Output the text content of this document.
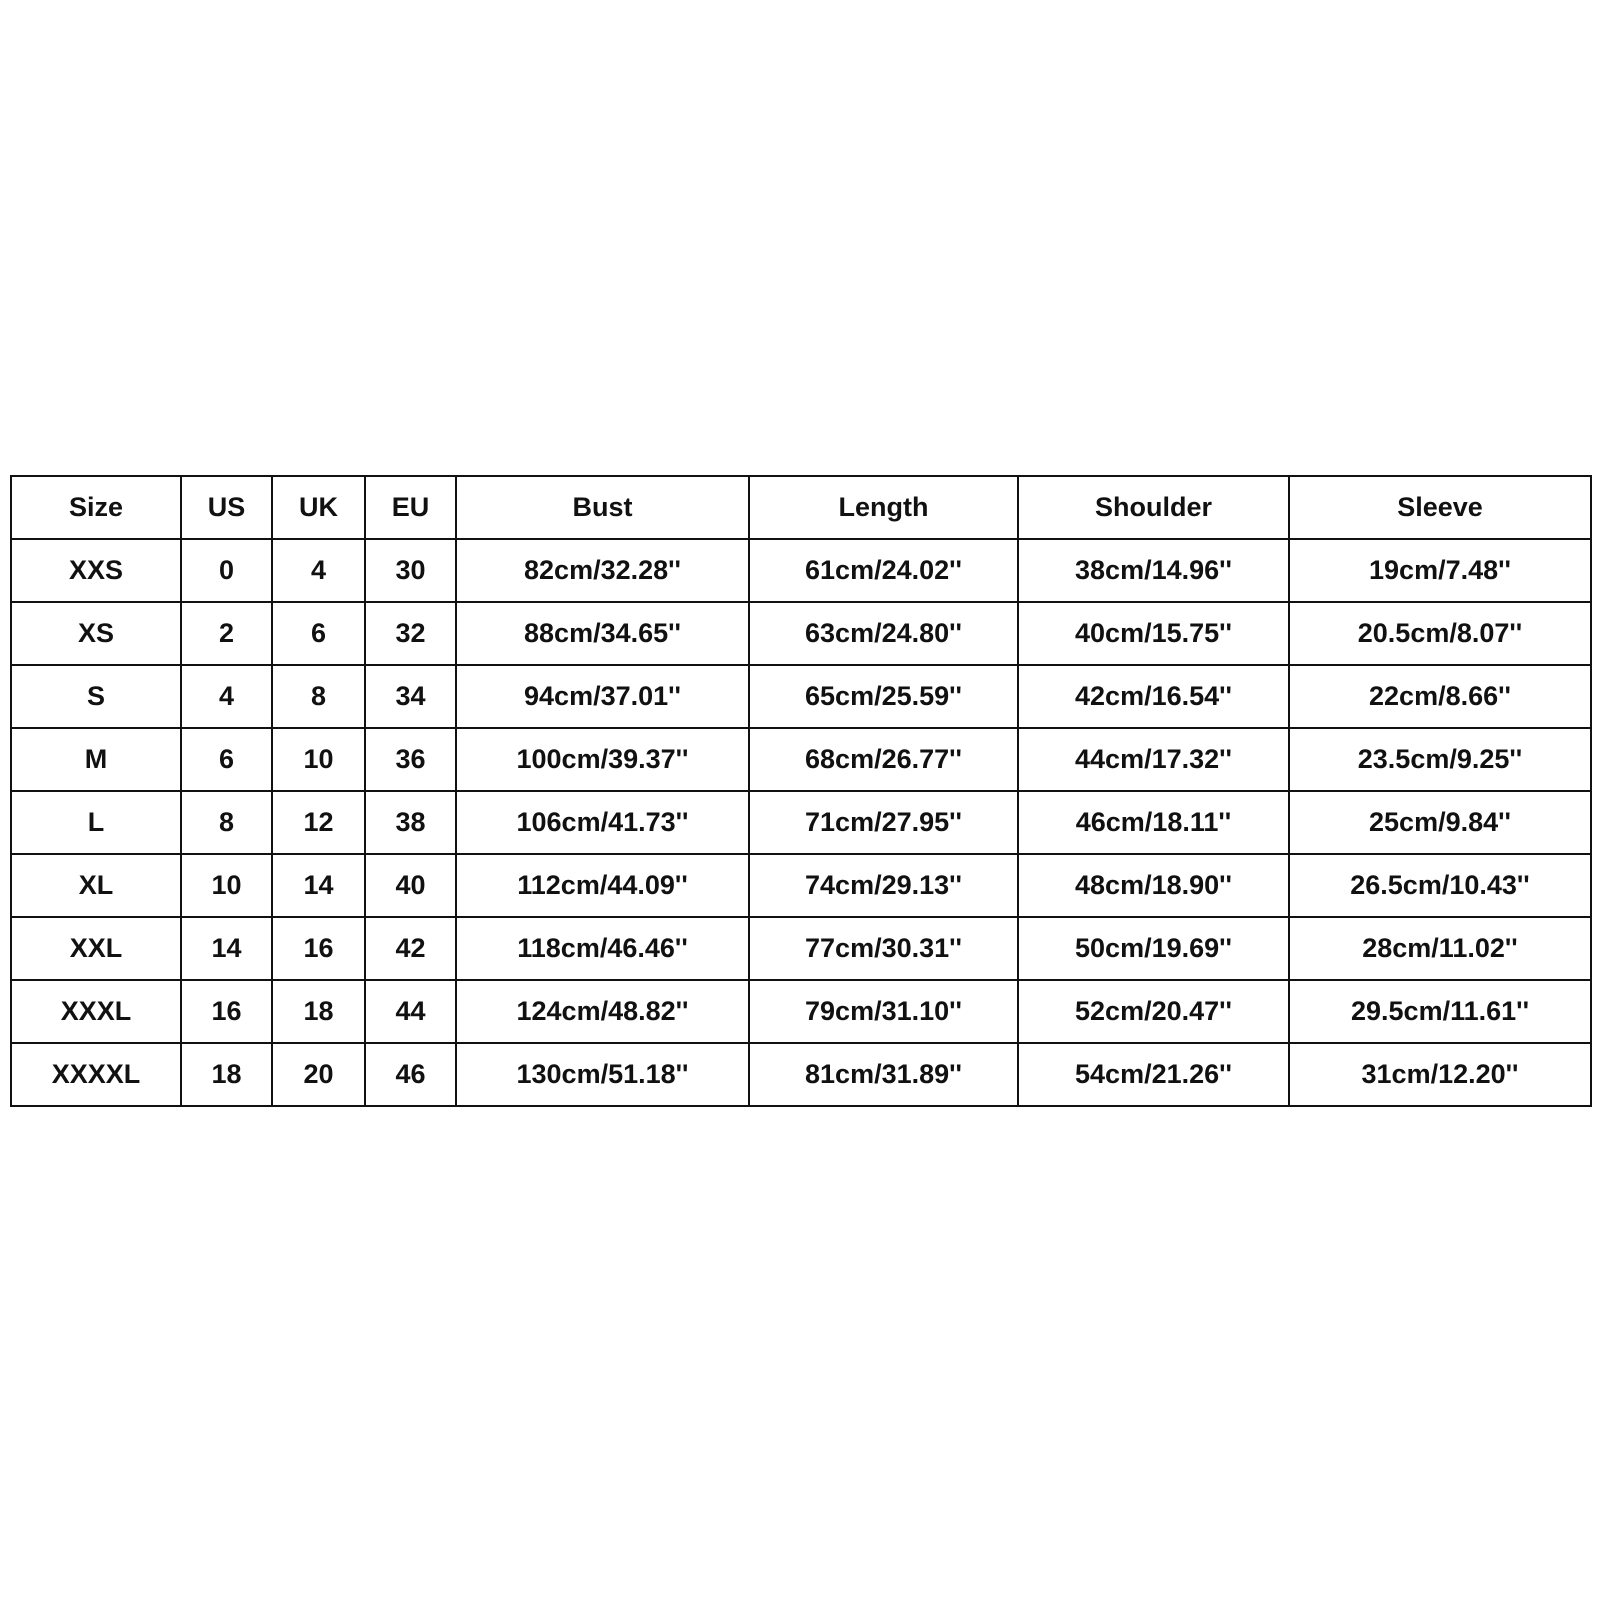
Size	US	UK	EU	Bust	Length	Shoulder	Sleeve
XXS	0	4	30	82cm/32.28''	61cm/24.02''	38cm/14.96''	19cm/7.48''
XS	2	6	32	88cm/34.65''	63cm/24.80''	40cm/15.75''	20.5cm/8.07''
S	4	8	34	94cm/37.01''	65cm/25.59''	42cm/16.54''	22cm/8.66''
M	6	10	36	100cm/39.37''	68cm/26.77''	44cm/17.32''	23.5cm/9.25''
L	8	12	38	106cm/41.73''	71cm/27.95''	46cm/18.11''	25cm/9.84''
XL	10	14	40	112cm/44.09''	74cm/29.13''	48cm/18.90''	26.5cm/10.43''
XXL	14	16	42	118cm/46.46''	77cm/30.31''	50cm/19.69''	28cm/11.02''
XXXL	16	18	44	124cm/48.82''	79cm/31.10''	52cm/20.47''	29.5cm/11.61''
XXXXL	18	20	46	130cm/51.18''	81cm/31.89''	54cm/21.26''	31cm/12.20''
